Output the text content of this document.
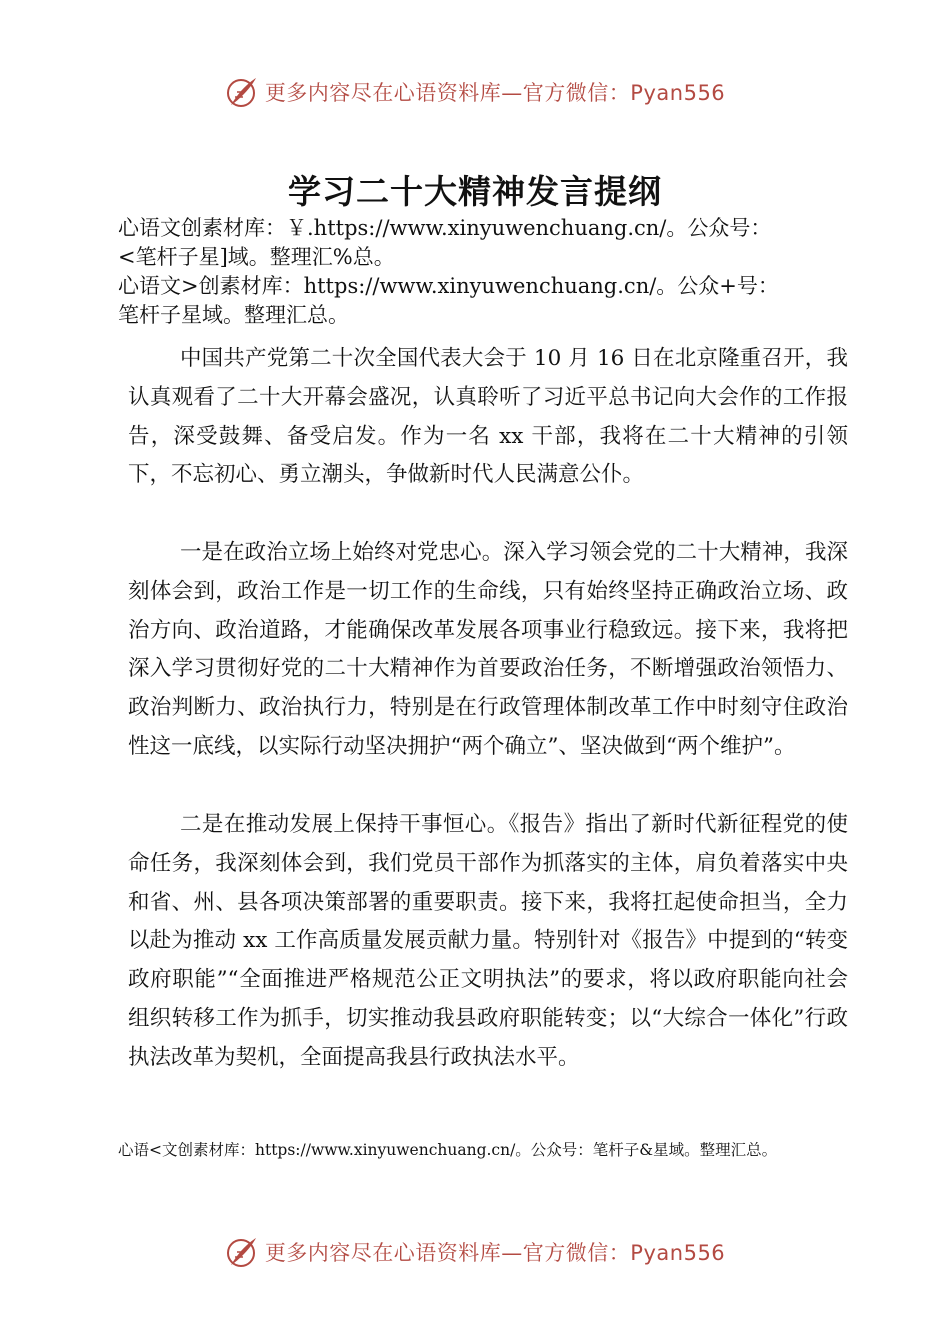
更多内容尽在心语资料库—官方微信：Pyan556
学习二十大精神发言提纲

心语文创素材库：￥.https://www.xinyuwenchuang.cn/。公众号：

<笔杆子星]域。整理汇%总。

心语文>创素材库：https://www.xinyuwenchuang.cn/。公众+号：

笔杆子星域。整理汇总。

中国共产党第二十次全国代表大会于 10 月 16 日在北京隆重召开，我认真观看了二十大开幕会盛况，认真聆听了习近平总书记向大会作的工作报告，深受鼓舞、备受启发。作为一名 xx 干部，我将在二十大精神的引领下，不忘初心、勇立潮头，争做新时代人民满意公仆。

一是在政治立场上始终对党忠心。深入学习领会党的二十大精神，我深刻体会到，政治工作是一切工作的生命线，只有始终坚持正确政治立场、政治方向、政治道路，才能确保改革发展各项事业行稳致远。接下来，我将把深入学习贯彻好党的二十大精神作为首要政治任务，不断增强政治领悟力、政治判断力、政治执行力，特别是在行政管理体制改革工作中时刻守住政治性这一底线，以实际行动坚决拥护“两个确立”、坚决做到“两个维护”。

二是在推动发展上保持干事恒心。《报告》指出了新时代新征程党的使命任务，我深刻体会到，我们党员干部作为抓落实的主体，肩负着落实中央和省、州、县各项决策部署的重要职责。接下来，我将扛起使命担当，全力以赴为推动 xx 工作高质量发展贡献力量。特别针对《报告》中提到的“转变政府职能”“全面推进严格规范公正文明执法”的要求，将以政府职能向社会组织转移工作为抓手，切实推动我县政府职能转变；以“大综合一体化”行政执法改革为契机，全面提高我县行政执法水平。

心语<文创素材库：https://www.xinyuwenchuang.cn/。公众号：笔杆子&星域。整理汇总。

更多内容尽在心语资料库—官方微信：Pyan556
